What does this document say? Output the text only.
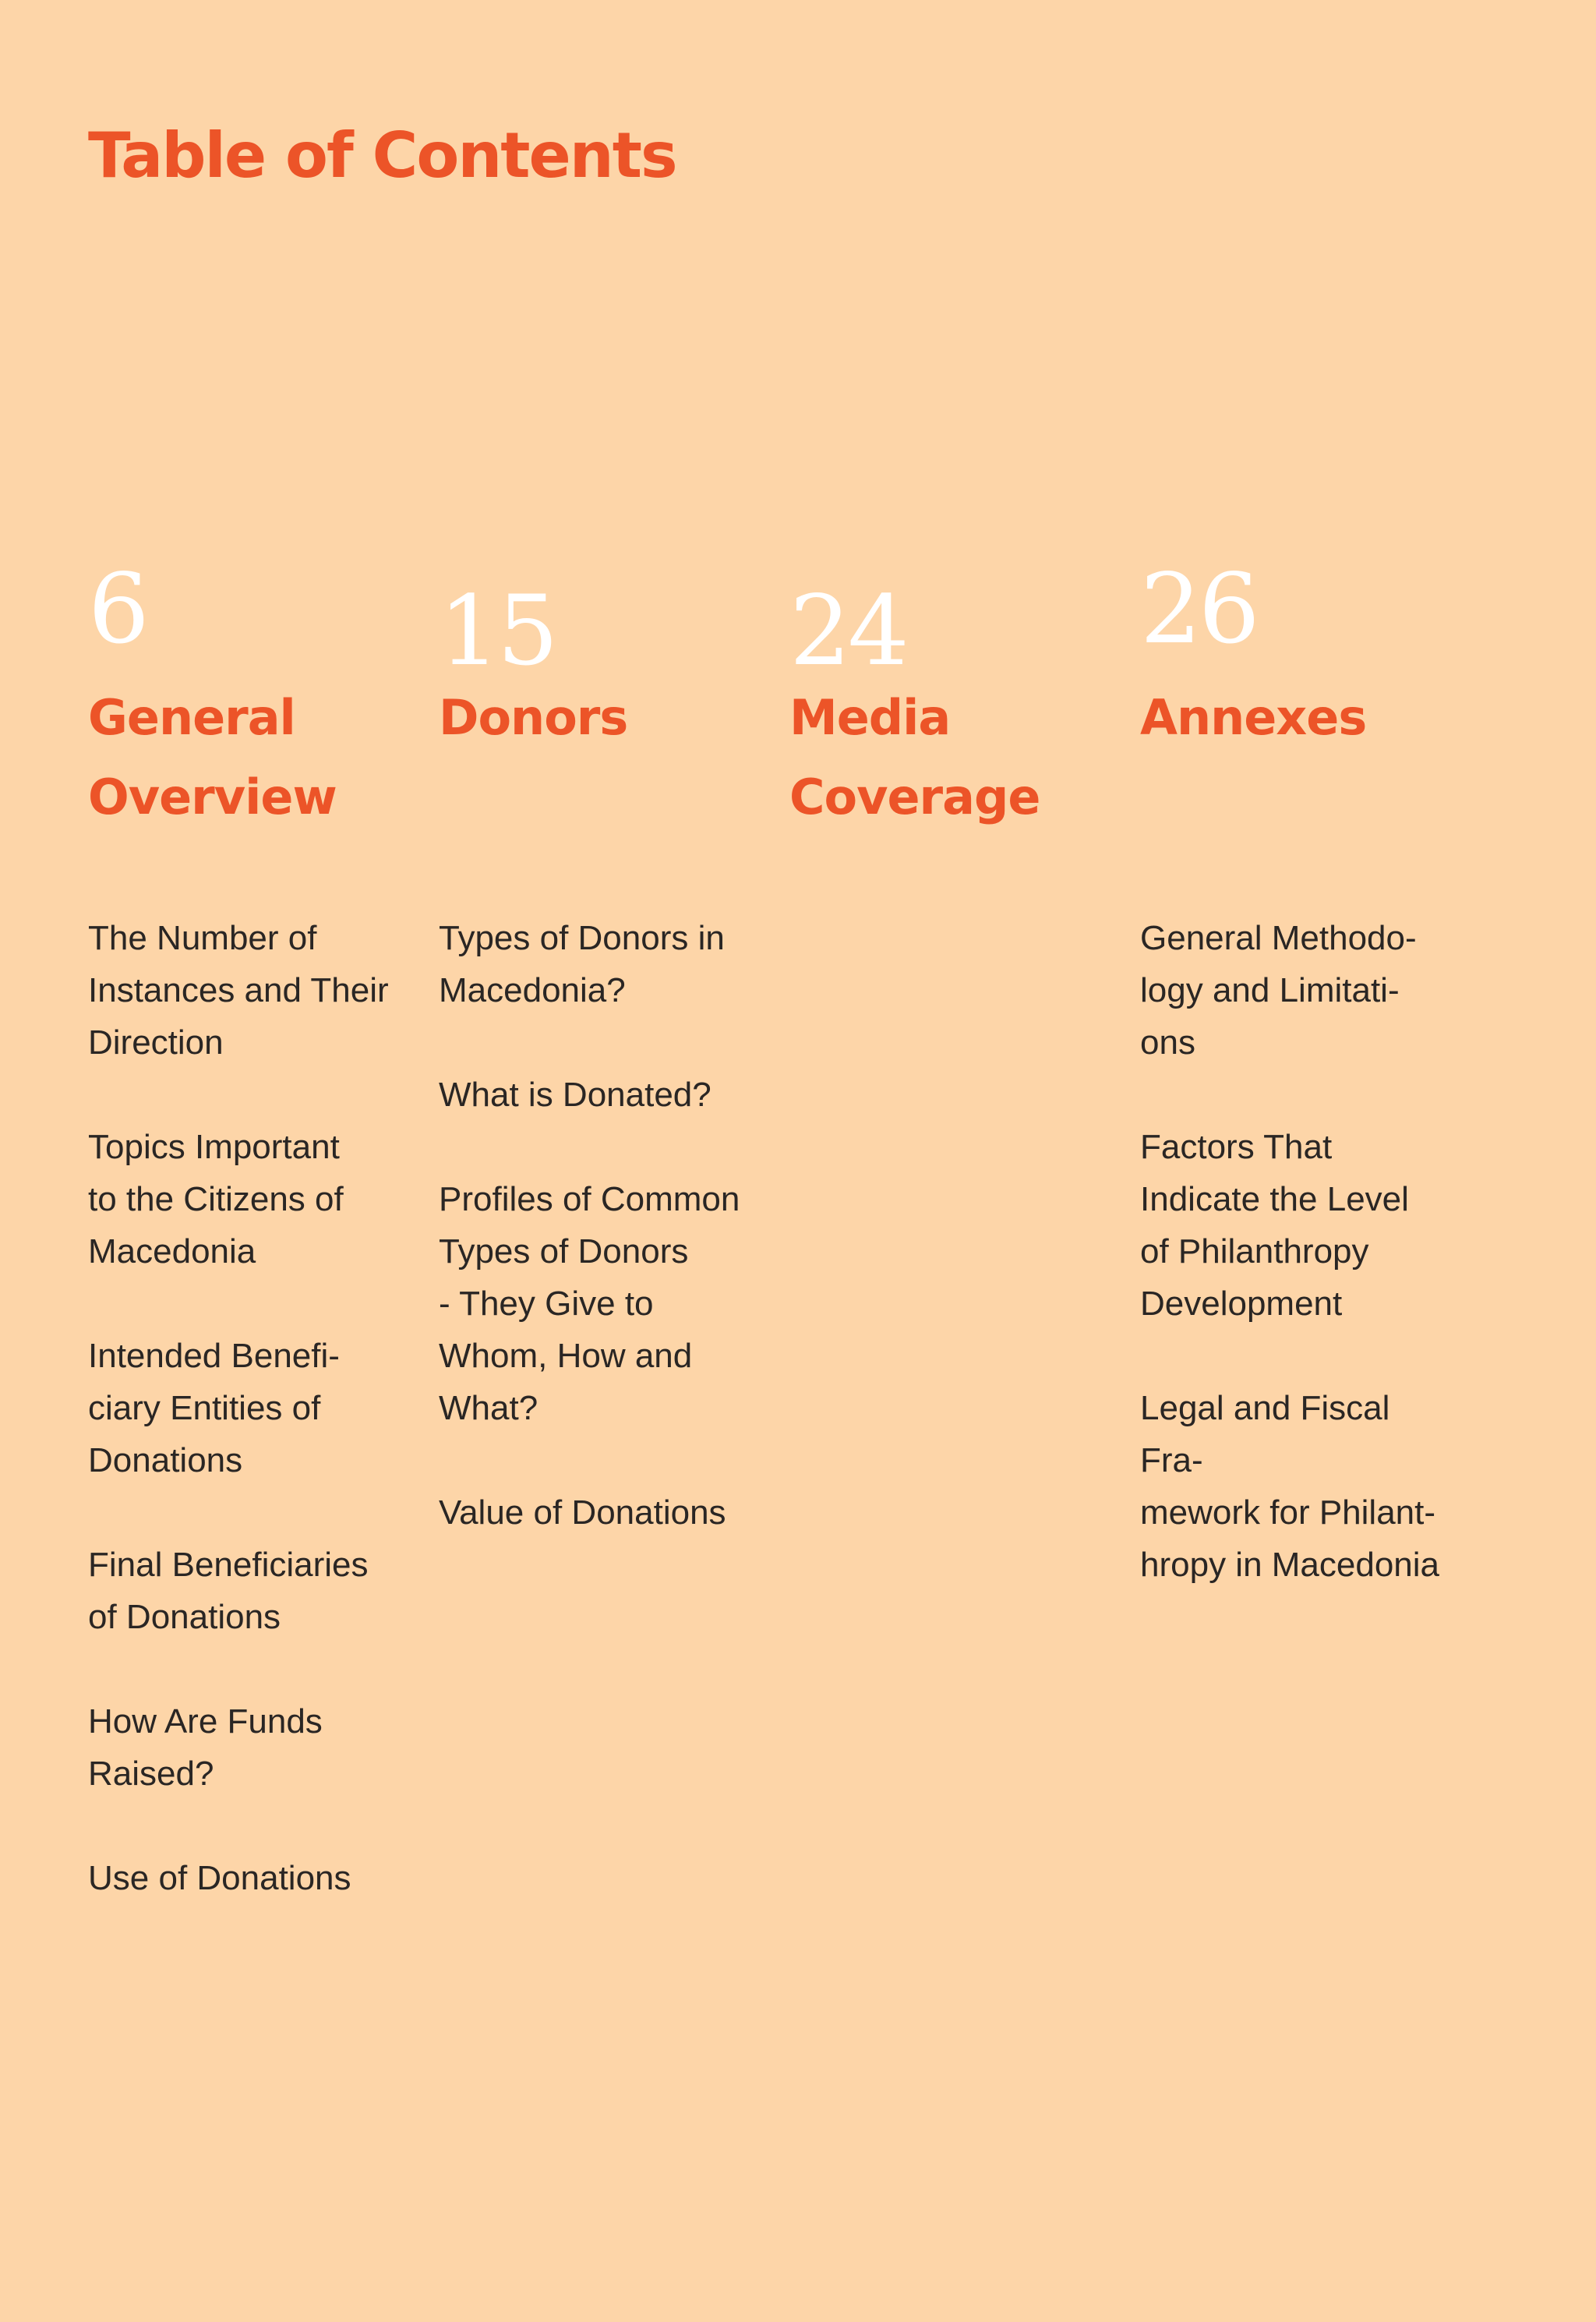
Table of Contents
6
General
Overview
The Number of
Instances and Their
Direction
Topics Important
to the Citizens of
Macedonia
Intended Benefi-
ciary Entities of
Donations
Final Beneficiaries
of Donations
How Are Funds
Raised?
Use of Donations
15
Donors
Types of Donors in
Macedonia?
What is Donated?
Profiles of Common
Types of Donors
- They Give to
Whom, How and
What?
Value of Donations
24
Media
Coverage
26
Annexes
General Methodo-
logy and Limitati-
ons
Factors That
Indicate the Level
of Philanthropy
Development
Legal and Fiscal Fra-
mework for Philant-
hropy in Macedonia
